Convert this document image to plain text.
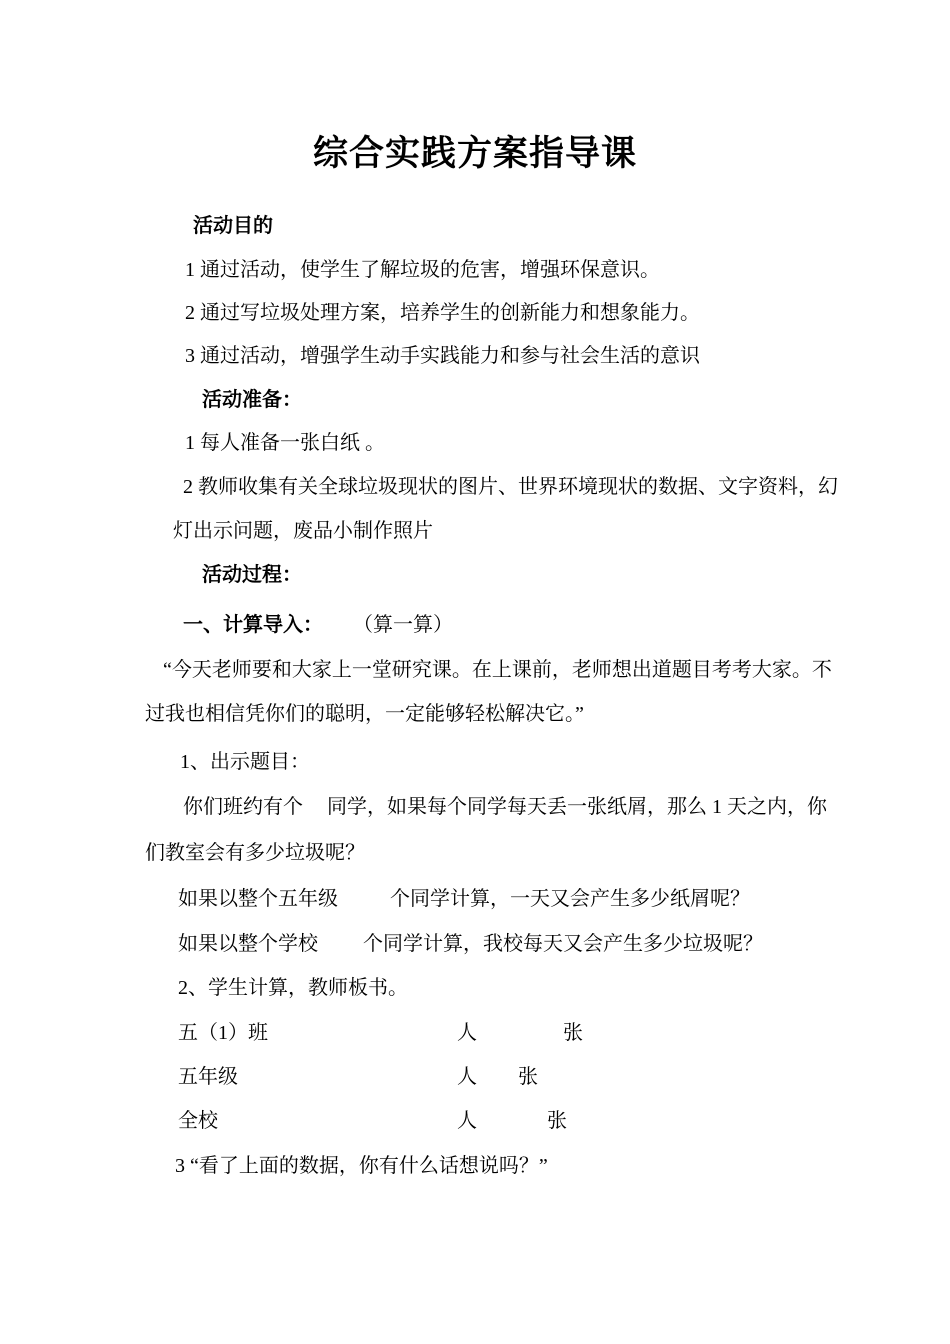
综合实践方案指导课
活动目的
1 通过活动，使学生了解垃圾的危害，增强环保意识。
2 通过写垃圾处理方案，培养学生的创新能力和想象能力。
3 通过活动，增强学生动手实践能力和参与社会生活的意识
活动准备：
1 每人准备一张白纸 。
2 教师收集有关全球垃圾现状的图片、世界环境现状的数据、文字资料，幻
灯出示问题，废品小制作照片
活动过程：
一、计算导入： （算一算）
“今天老师要和大家上一堂研究课。在上课前，老师想出道题目考考大家。不
过我也相信凭你们的聪明，一定能够轻松解决它。”
1、出示题目：
你们班约有个 同学，如果每个同学每天丢一张纸屑，那么 1 天之内，你
们教室会有多少垃圾呢？
如果以整个五年级	个同学计算，一天又会产生多少纸屑呢？
如果以整个学校 个同学计算，我校每天又会产生多少垃圾呢？
2、学生计算，教师板书。
五（1）班	人	张
五年级	人 张
全校	人	张
3 “看了上面的数据，你有什么话想说吗？”
